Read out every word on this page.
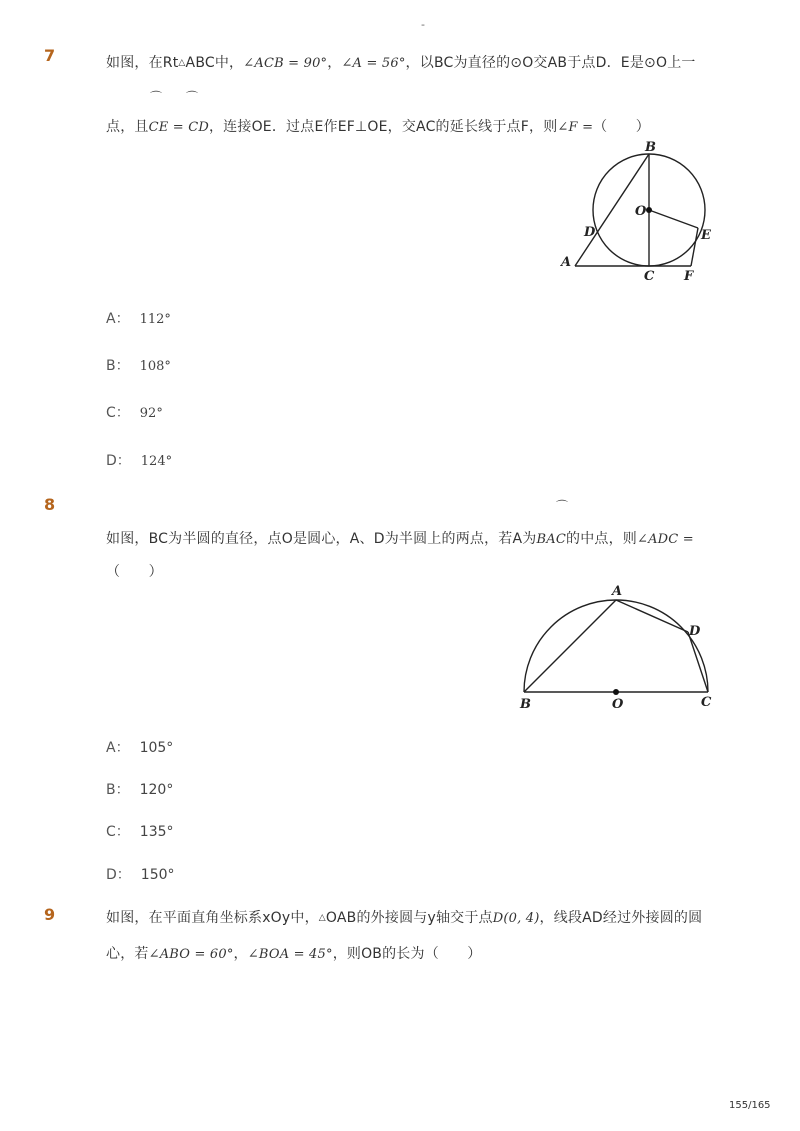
-
7	如图，在Rt△ABC中，∠ACB = 90°，∠A = 56°，以BC为直径的⊙O交AB于点D．E是⊙O上一
⌒ ⌒
点，且CE = CD，连接OE．过点E作EF⊥OE，交AC的延长线于点F，则∠F =（　　）
B
O
D	E
A
C F
A： 112°
B： 108°
C： 92°
D： 124°
8	⌒
如图，BC为半圆的直径，点O是圆心，A、D为半圆上的两点，若A为BAC的中点，则∠ADC =
（　　）
A
D
B	O	C
A： 105°
B： 120°
C： 135°
D： 150°
9	如图，在平面直角坐标系xOy中，△OAB的外接圆与y轴交于点D(0, 4)，线段AD经过外接圆的圆
心，若∠ABO = 60°，∠BOA = 45°，则OB的长为（　　）
155/165
